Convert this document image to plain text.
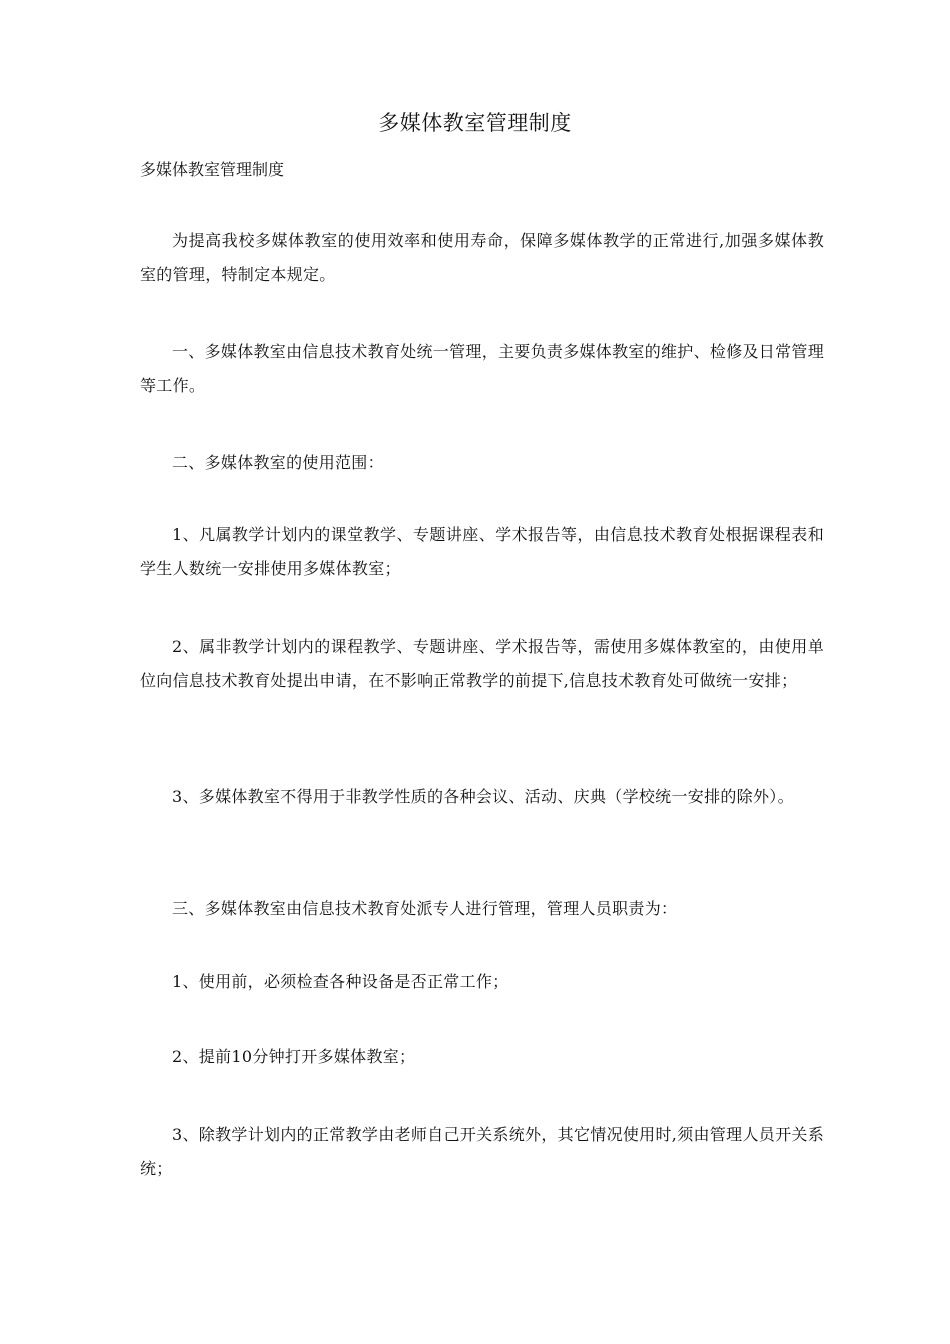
多媒体教室管理制度

多媒体教室管理制度

为提高我校多媒体教室的使用效率和使用寿命，保障多媒体教学的正常进行,加强多媒体教室的管理，特制定本规定。

一、多媒体教室由信息技术教育处统一管理，主要负责多媒体教室的维护、检修及日常管理等工作。

二、多媒体教室的使用范围：

1、凡属教学计划内的课堂教学、专题讲座、学术报告等，由信息技术教育处根据课程表和学生人数统一安排使用多媒体教室；

2、属非教学计划内的课程教学、专题讲座、学术报告等，需使用多媒体教室的，由使用单位向信息技术教育处提出申请，在不影响正常教学的前提下,信息技术教育处可做统一安排；

3、多媒体教室不得用于非教学性质的各种会议、活动、庆典（学校统一安排的除外）。

三、多媒体教室由信息技术教育处派专人进行管理，管理人员职责为：

1、使用前，必须检查各种设备是否正常工作；

2、提前10分钟打开多媒体教室；

3、除教学计划内的正常教学由老师自己开关系统外，其它情况使用时,须由管理人员开关系统；
